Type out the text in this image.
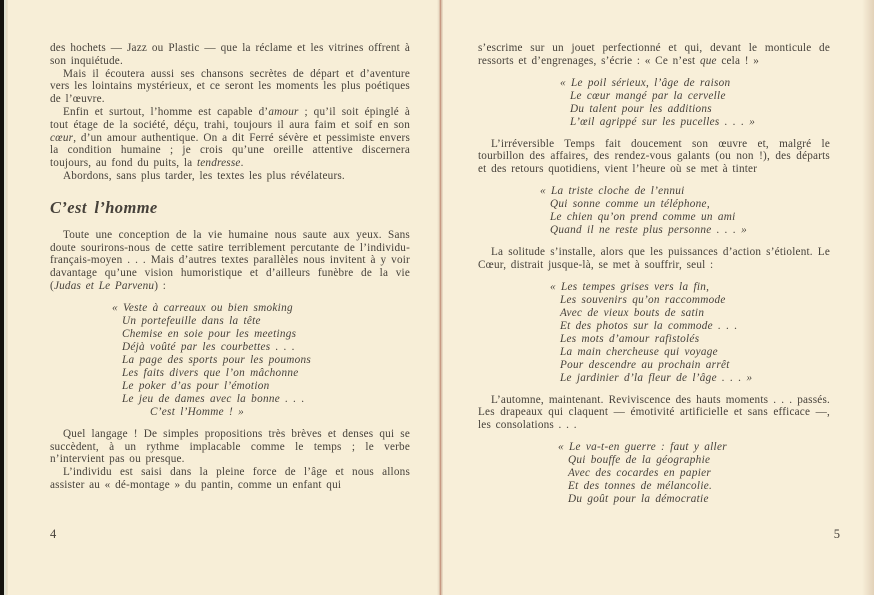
des hochets — Jazz ou Plastic — que la réclame et les vitrines offrent à son inquiétude.

Mais il écoutera aussi ses chansons secrètes de départ et d’aventure vers les lointains mystérieux, et ce seront les moments les plus poétiques de l’œuvre.

Enfin et surtout, l’homme est capable d’amour ; qu’il soit épinglé à tout étage de la société, déçu, trahi, toujours il aura faim et soif en son cœur, d’un amour authentique. On a dit Ferré sévère et pessimiste envers la condition humaine ; je crois qu’une oreille attentive discernera toujours, au fond du puits, la tendresse.

Abordons, sans plus tarder, les textes les plus révélateurs.

C’est l’homme

Toute une conception de la vie humaine nous saute aux yeux. Sans doute sourirons-nous de cette satire terriblement percutante de l’individu-français-moyen . . . Mais d’autres textes parallèles nous invitent à y voir davantage qu’une vision humoristique et d’ailleurs funèbre de la vie (Judas et Le Parvenu) :

« Veste à carreaux ou bien smoking
Un portefeuille dans la tête
Chemise en soie pour les meetings
Déjà voûté par les courbettes . . .
La page des sports pour les poumons
Les faits divers que l’on mâchonne
Le poker d’as pour l’émotion
Le jeu de dames avec la bonne . . .
C’est l’Homme ! »

Quel langage ! De simples propositions très brèves et denses qui se succèdent, à un rythme implacable comme le temps ; le verbe n’intervient pas ou presque.

L’individu est saisi dans la pleine force de l’âge et nous allons assister au « dé-montage » du pantin, comme un enfant qui

s’escrime sur un jouet perfectionné et qui, devant le monticule de ressorts et d’engrenages, s’écrie : « Ce n’est que cela ! »

« Le poil sérieux, l’âge de raison
Le cœur mangé par la cervelle
Du talent pour les additions
L’œil agrippé sur les pucelles . . . »

L’irréversible Temps fait doucement son œuvre et, malgré le tourbillon des affaires, des rendez-vous galants (ou non !), des départs et des retours quotidiens, vient l’heure où se met à tinter

« La triste cloche de l’ennui
Qui sonne comme un téléphone,
Le chien qu’on prend comme un ami
Quand il ne reste plus personne . . . »

La solitude s’installe, alors que les puissances d’action s’étiolent. Le Cœur, distrait jusque-là, se met à souffrir, seul :

« Les tempes grises vers la fin,
Les souvenirs qu’on raccommode
Avec de vieux bouts de satin
Et des photos sur la commode . . .
Les mots d’amour rafistolés
La main chercheuse qui voyage
Pour descendre au prochain arrêt
Le jardinier d’la fleur de l’âge . . . »

L’automne, maintenant. Reviviscence des hauts moments . . . passés. Les drapeaux qui claquent — émotivité artificielle et sans efficace —, les consolations . . .

« Le va-t-en guerre : faut y aller
Qui bouffe de la géographie
Avec des cocardes en papier
Et des tonnes de mélancolie.
Du goût pour la démocratie
4	5
